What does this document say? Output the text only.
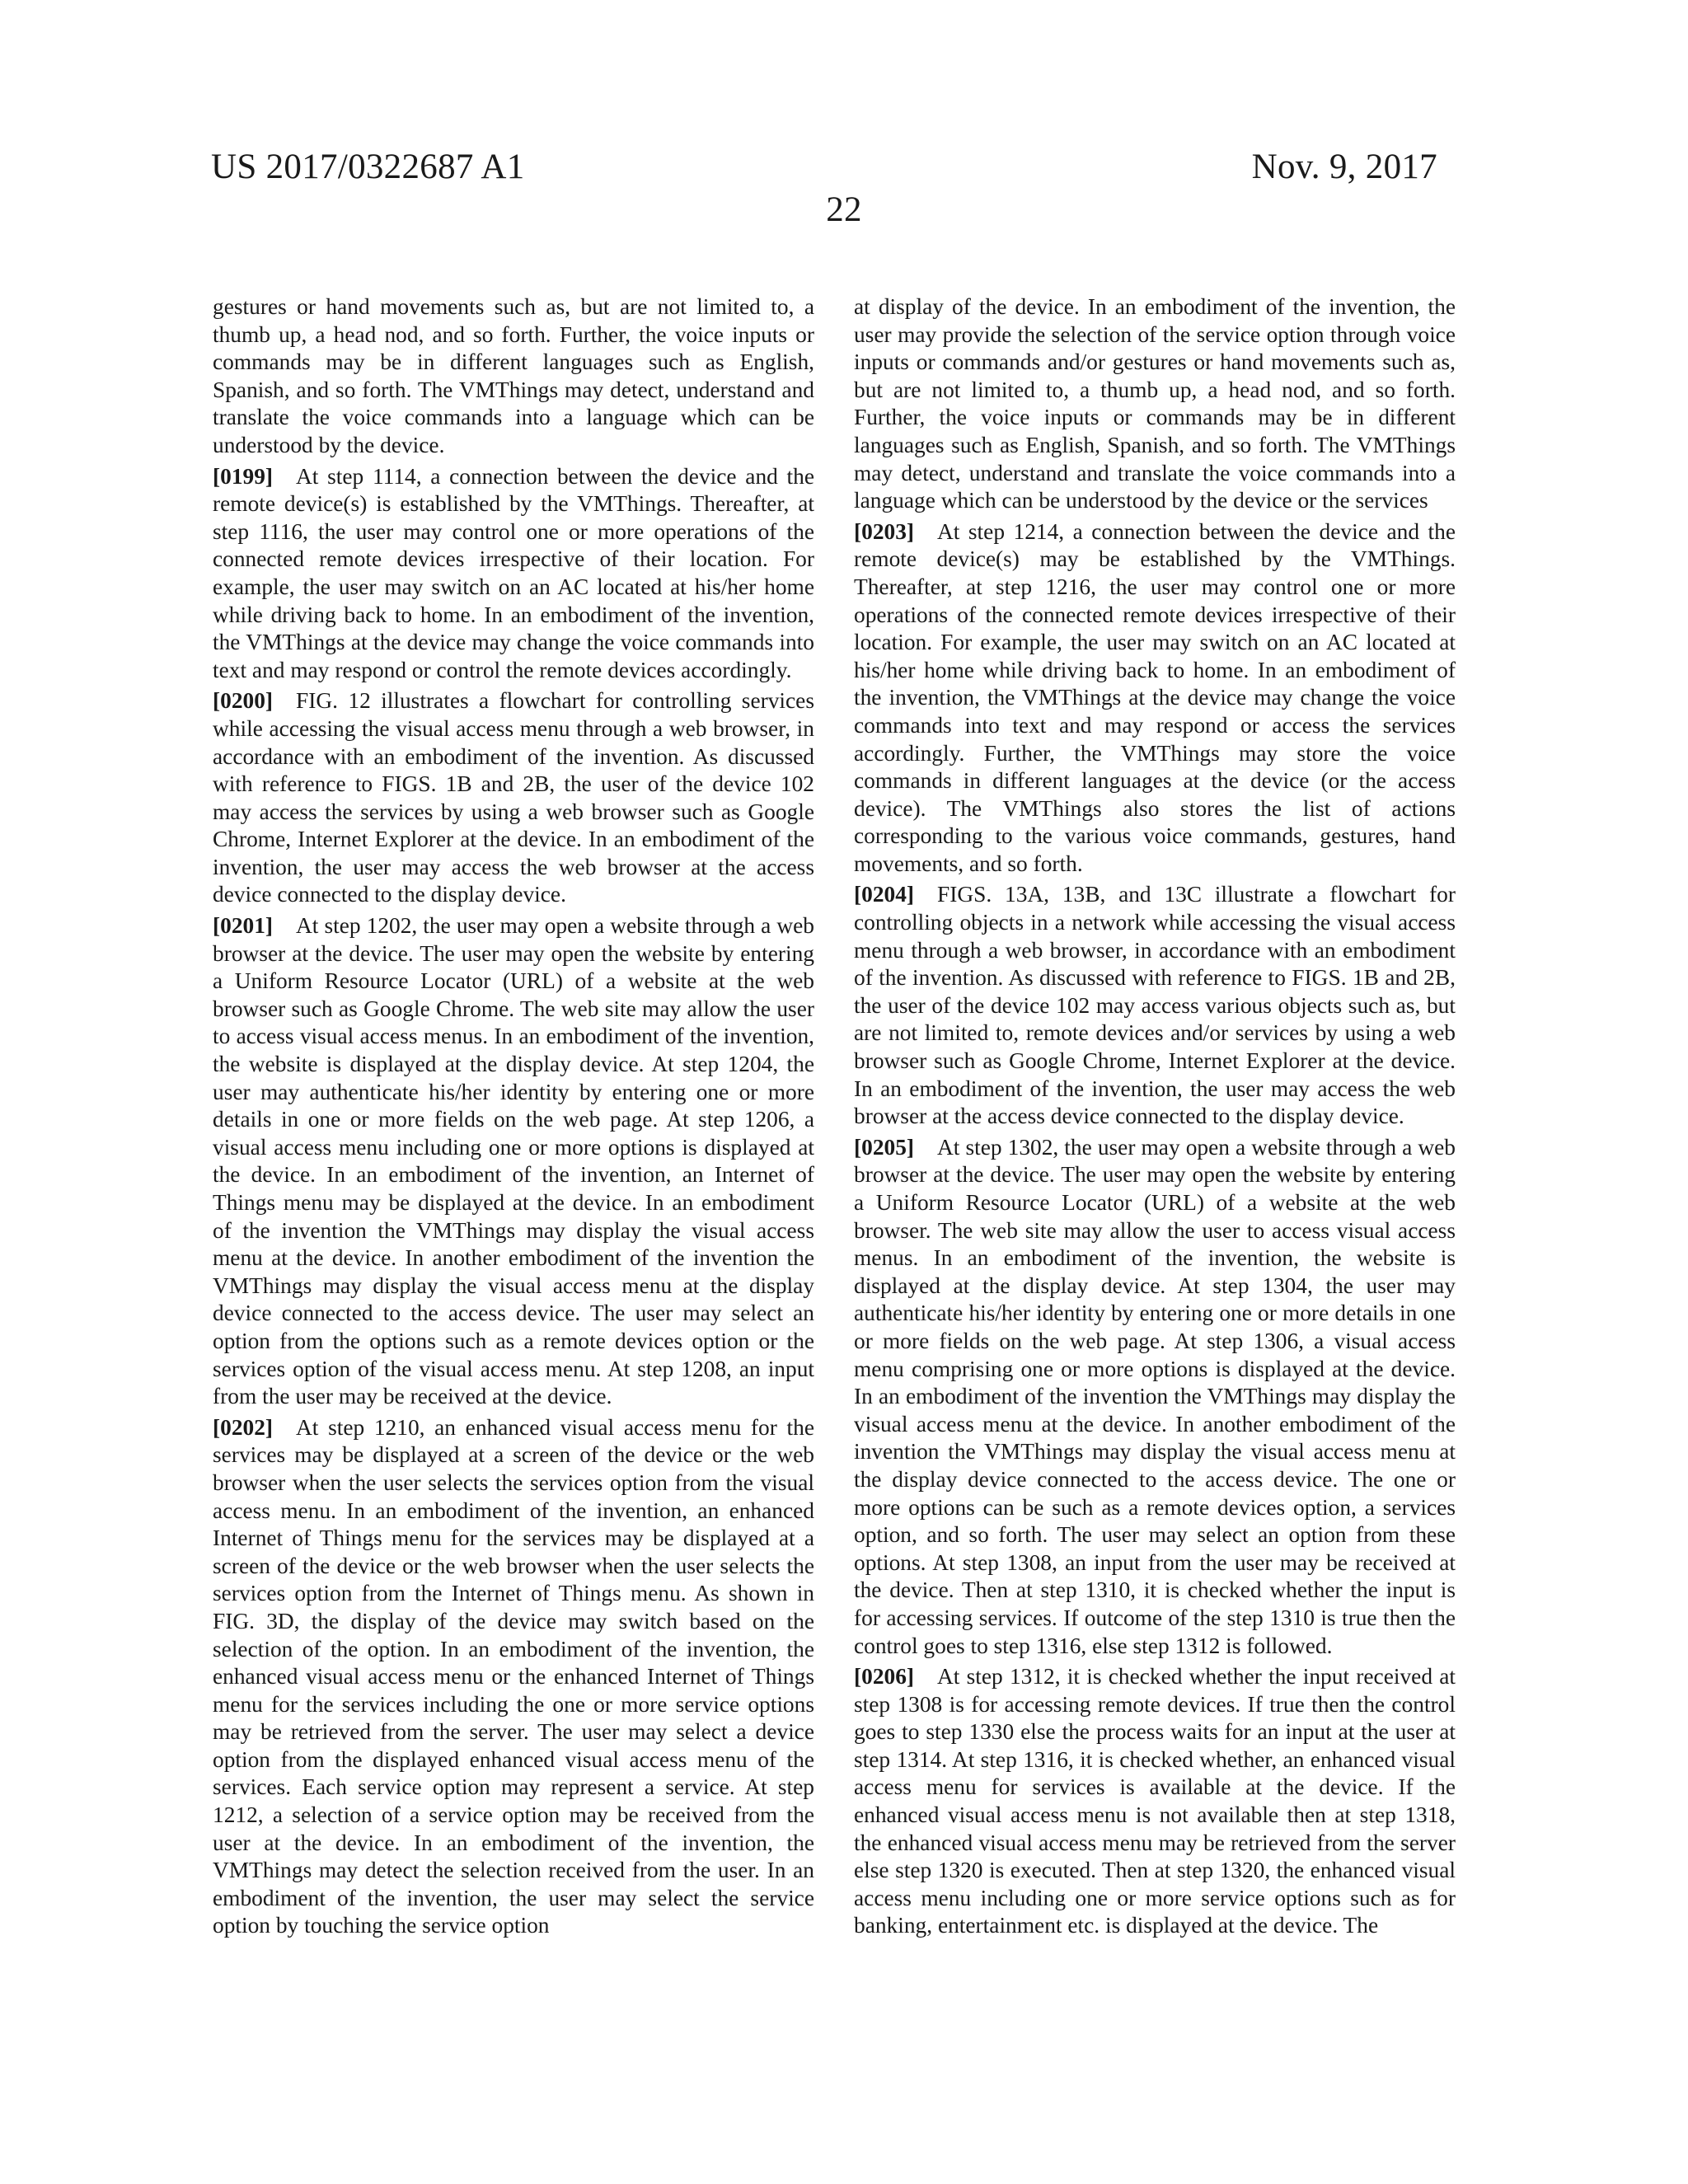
US 2017/0322687 A1	Nov. 9, 2017
22

gestures or hand movements such as, but are not limited to, a thumb up, a head nod, and so forth. Further, the voice inputs or commands may be in different languages such as English, Spanish, and so forth. The VMThings may detect, understand and translate the voice commands into a language which can be understood by the device.

[0199] At step 1114, a connection between the device and the remote device(s) is established by the VMThings. Thereafter, at step 1116, the user may control one or more operations of the connected remote devices irrespective of their location. For example, the user may switch on an AC located at his/her home while driving back to home. In an embodiment of the invention, the VMThings at the device may change the voice commands into text and may respond or control the remote devices accordingly.

[0200] FIG. 12 illustrates a flowchart for controlling services while accessing the visual access menu through a web browser, in accordance with an embodiment of the invention. As discussed with reference to FIGS. 1B and 2B, the user of the device 102 may access the services by using a web browser such as Google Chrome, Internet Explorer at the device. In an embodiment of the invention, the user may access the web browser at the access device connected to the display device.

[0201] At step 1202, the user may open a website through a web browser at the device. The user may open the website by entering a Uniform Resource Locator (URL) of a website at the web browser such as Google Chrome. The web site may allow the user to access visual access menus. In an embodiment of the invention, the website is displayed at the display device. At step 1204, the user may authenticate his/her identity by entering one or more details in one or more fields on the web page. At step 1206, a visual access menu including one or more options is displayed at the device. In an embodiment of the invention, an Internet of Things menu may be displayed at the device. In an embodiment of the invention the VMThings may display the visual access menu at the device. In another embodiment of the invention the VMThings may display the visual access menu at the display device connected to the access device. The user may select an option from the options such as a remote devices option or the services option of the visual access menu. At step 1208, an input from the user may be received at the device.

[0202] At step 1210, an enhanced visual access menu for the services may be displayed at a screen of the device or the web browser when the user selects the services option from the visual access menu. In an embodiment of the invention, an enhanced Internet of Things menu for the services may be displayed at a screen of the device or the web browser when the user selects the services option from the Internet of Things menu. As shown in FIG. 3D, the display of the device may switch based on the selection of the option. In an embodiment of the invention, the enhanced visual access menu or the enhanced Internet of Things menu for the services including the one or more service options may be retrieved from the server. The user may select a device option from the displayed enhanced visual access menu of the services. Each service option may represent a service. At step 1212, a selection of a service option may be received from the user at the device. In an embodiment of the invention, the VMThings may detect the selection received from the user. In an embodiment of the invention, the user may select the service option by touching the service option

at display of the device. In an embodiment of the invention, the user may provide the selection of the service option through voice inputs or commands and/or gestures or hand movements such as, but are not limited to, a thumb up, a head nod, and so forth. Further, the voice inputs or commands may be in different languages such as English, Spanish, and so forth. The VMThings may detect, understand and translate the voice commands into a language which can be understood by the device or the services

[0203] At step 1214, a connection between the device and the remote device(s) may be established by the VMThings. Thereafter, at step 1216, the user may control one or more operations of the connected remote devices irrespective of their location. For example, the user may switch on an AC located at his/her home while driving back to home. In an embodiment of the invention, the VMThings at the device may change the voice commands into text and may respond or access the services accordingly. Further, the VMThings may store the voice commands in different languages at the device (or the access device). The VMThings also stores the list of actions corresponding to the various voice commands, gestures, hand movements, and so forth.

[0204] FIGS. 13A, 13B, and 13C illustrate a flowchart for controlling objects in a network while accessing the visual access menu through a web browser, in accordance with an embodiment of the invention. As discussed with reference to FIGS. 1B and 2B, the user of the device 102 may access various objects such as, but are not limited to, remote devices and/or services by using a web browser such as Google Chrome, Internet Explorer at the device. In an embodiment of the invention, the user may access the web browser at the access device connected to the display device.

[0205] At step 1302, the user may open a website through a web browser at the device. The user may open the website by entering a Uniform Resource Locator (URL) of a website at the web browser. The web site may allow the user to access visual access menus. In an embodiment of the invention, the website is displayed at the display device. At step 1304, the user may authenticate his/her identity by entering one or more details in one or more fields on the web page. At step 1306, a visual access menu comprising one or more options is displayed at the device. In an embodiment of the invention the VMThings may display the visual access menu at the device. In another embodiment of the invention the VMThings may display the visual access menu at the display device connected to the access device. The one or more options can be such as a remote devices option, a services option, and so forth. The user may select an option from these options. At step 1308, an input from the user may be received at the device. Then at step 1310, it is checked whether the input is for accessing services. If outcome of the step 1310 is true then the control goes to step 1316, else step 1312 is followed.

[0206] At step 1312, it is checked whether the input received at step 1308 is for accessing remote devices. If true then the control goes to step 1330 else the process waits for an input at the user at step 1314. At step 1316, it is checked whether, an enhanced visual access menu for services is available at the device. If the enhanced visual access menu is not available then at step 1318, the enhanced visual access menu may be retrieved from the server else step 1320 is executed. Then at step 1320, the enhanced visual access menu including one or more service options such as for banking, entertainment etc. is displayed at the device. The
